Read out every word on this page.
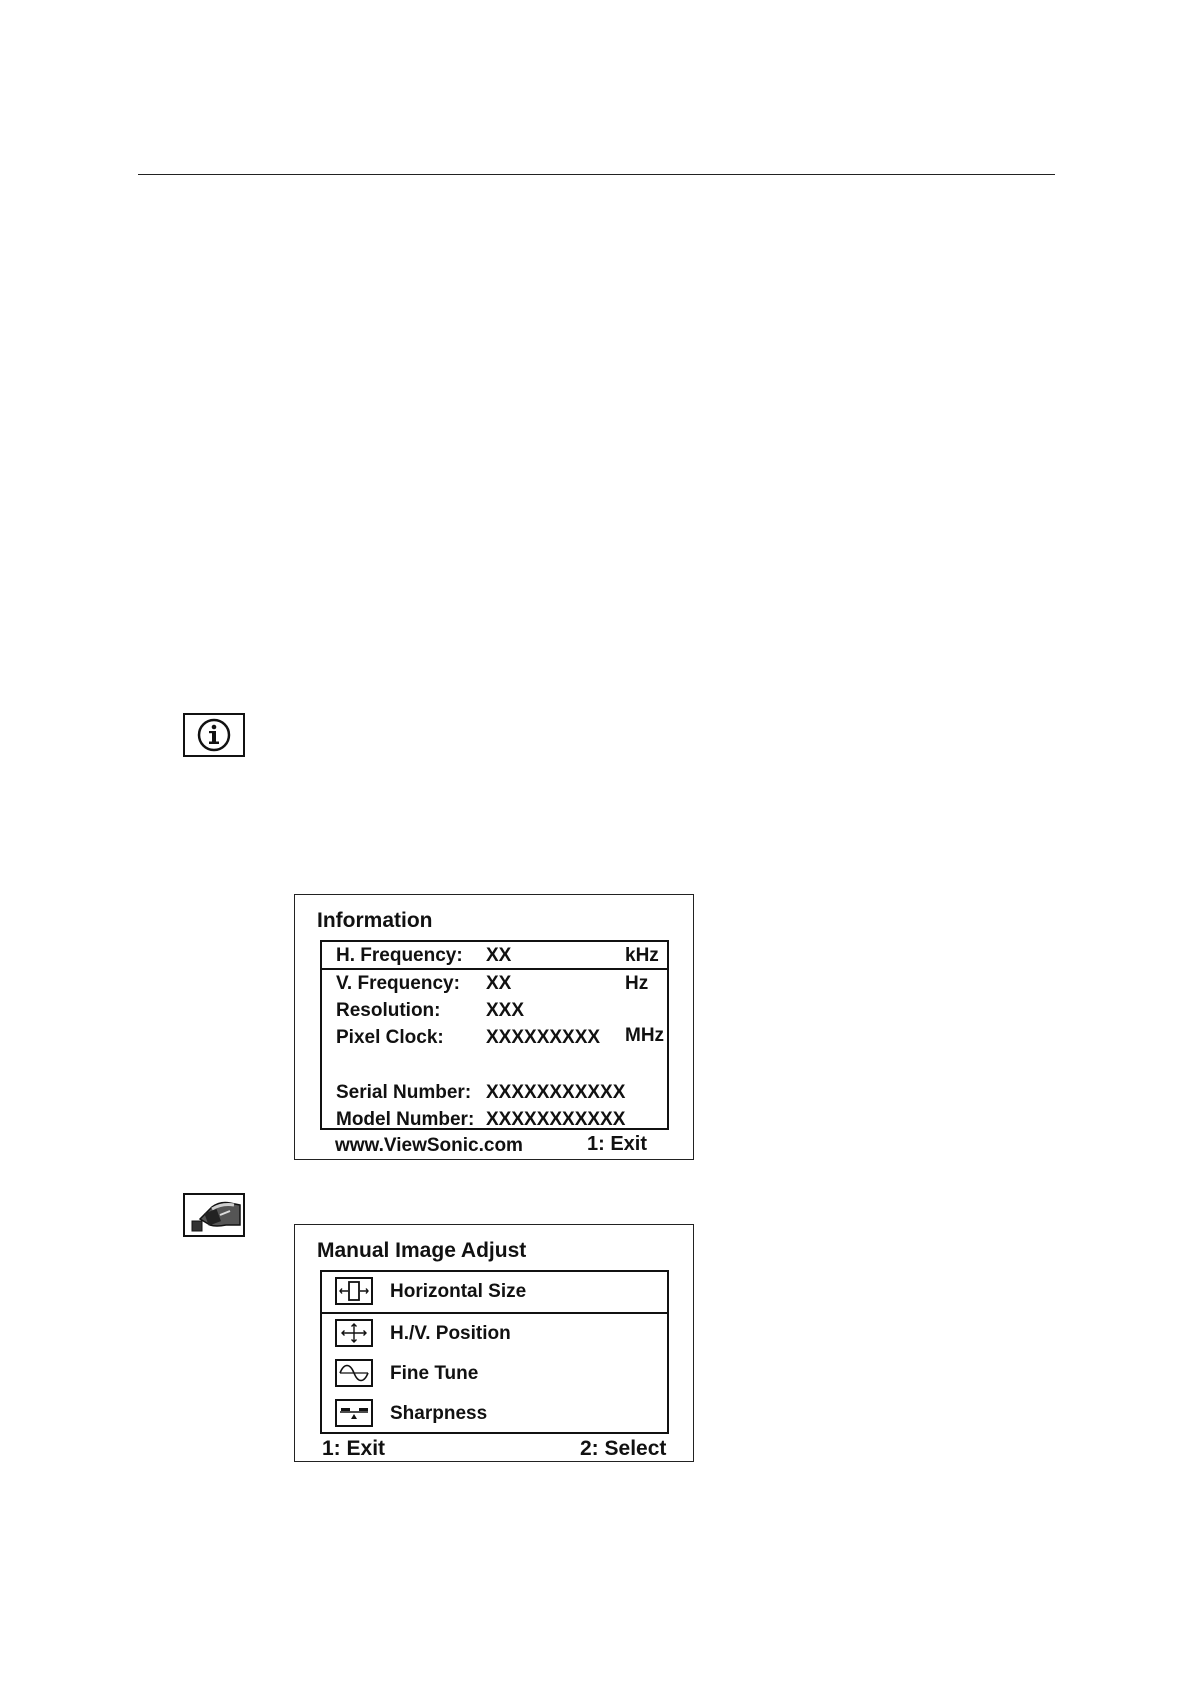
Information
H. Frequency: XX	kHz
V. Frequency: XX	Hz
Resolution: XXX
Pixel Clock: XXXXXXXXX MHz
Serial Number: XXXXXXXXXXX
Model Number: XXXXXXXXXXX
www.ViewSonic.com	1: Exit
Manual Image Adjust
Horizontal Size
H./V. Position
Fine Tune
Sharpness
1: Exit	2: Select
